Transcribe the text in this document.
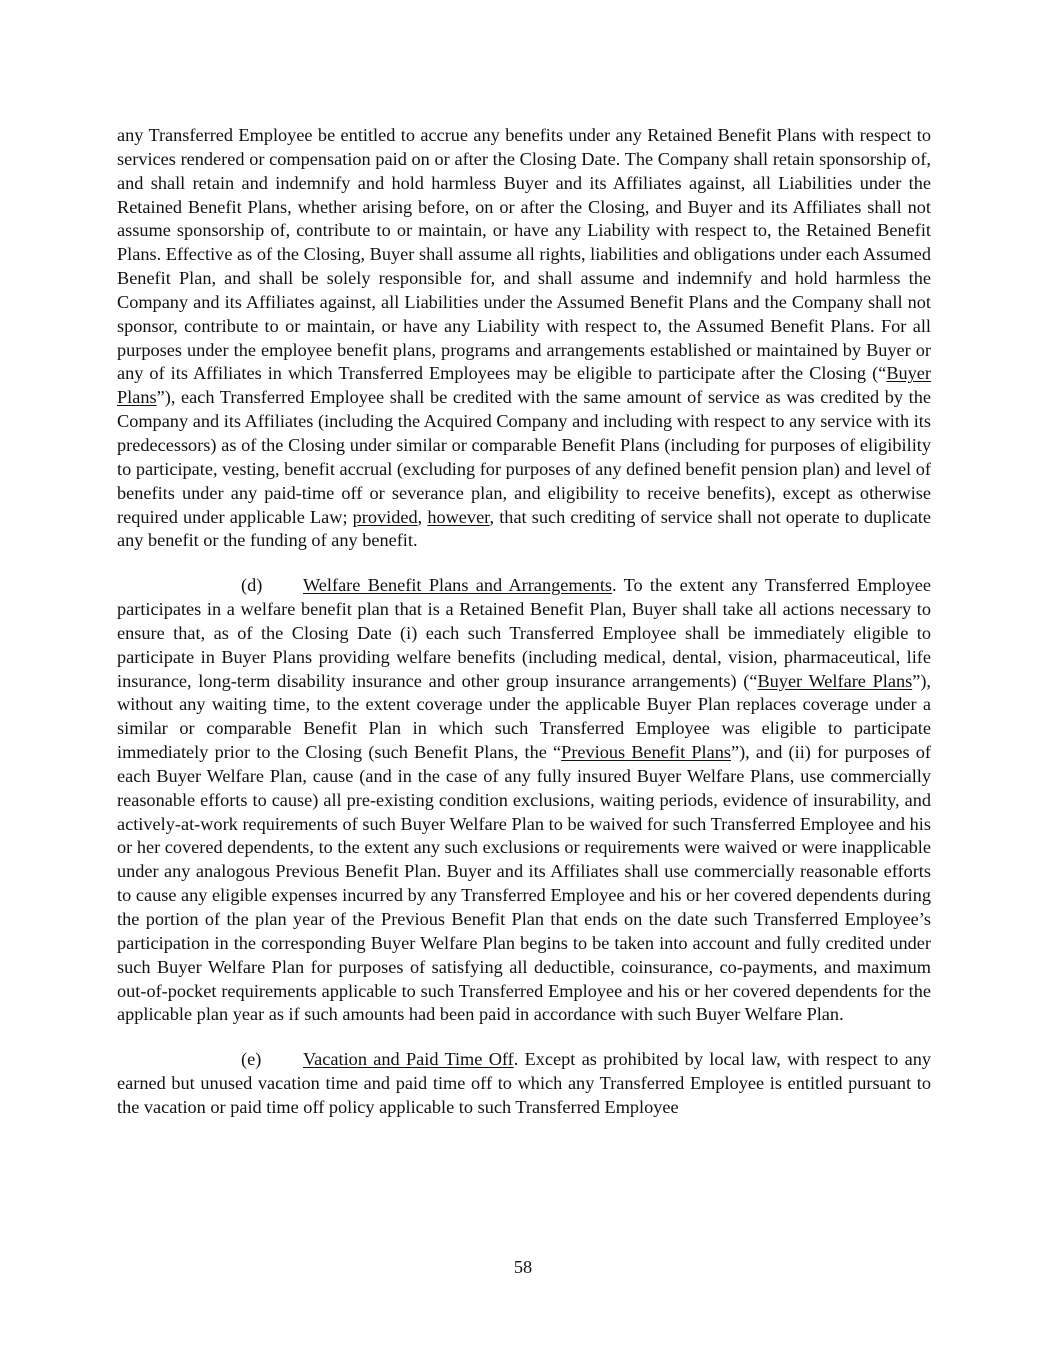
any Transferred Employee be entitled to accrue any benefits under any Retained Benefit Plans with respect to services rendered or compensation paid on or after the Closing Date. The Company shall retain sponsorship of, and shall retain and indemnify and hold harmless Buyer and its Affiliates against, all Liabilities under the Retained Benefit Plans, whether arising before, on or after the Closing, and Buyer and its Affiliates shall not assume sponsorship of, contribute to or maintain, or have any Liability with respect to, the Retained Benefit Plans. Effective as of the Closing, Buyer shall assume all rights, liabilities and obligations under each Assumed Benefit Plan, and shall be solely responsible for, and shall assume and indemnify and hold harmless the Company and its Affiliates against, all Liabilities under the Assumed Benefit Plans and the Company shall not sponsor, contribute to or maintain, or have any Liability with respect to, the Assumed Benefit Plans. For all purposes under the employee benefit plans, programs and arrangements established or maintained by Buyer or any of its Affiliates in which Transferred Employees may be eligible to participate after the Closing (“Buyer Plans”), each Transferred Employee shall be credited with the same amount of service as was credited by the Company and its Affiliates (including the Acquired Company and including with respect to any service with its predecessors) as of the Closing under similar or comparable Benefit Plans (including for purposes of eligibility to participate, vesting, benefit accrual (excluding for purposes of any defined benefit pension plan) and level of benefits under any paid-time off or severance plan, and eligibility to receive benefits), except as otherwise required under applicable Law; provided, however, that such crediting of service shall not operate to duplicate any benefit or the funding of any benefit.

(d) Welfare Benefit Plans and Arrangements. To the extent any Transferred Employee participates in a welfare benefit plan that is a Retained Benefit Plan, Buyer shall take all actions necessary to ensure that, as of the Closing Date (i) each such Transferred Employee shall be immediately eligible to participate in Buyer Plans providing welfare benefits (including medical, dental, vision, pharmaceutical, life insurance, long-term disability insurance and other group insurance arrangements) (“Buyer Welfare Plans”), without any waiting time, to the extent coverage under the applicable Buyer Plan replaces coverage under a similar or comparable Benefit Plan in which such Transferred Employee was eligible to participate immediately prior to the Closing (such Benefit Plans, the “Previous Benefit Plans”), and (ii) for purposes of each Buyer Welfare Plan, cause (and in the case of any fully insured Buyer Welfare Plans, use commercially reasonable efforts to cause) all pre-existing condition exclusions, waiting periods, evidence of insurability, and actively-at-work requirements of such Buyer Welfare Plan to be waived for such Transferred Employee and his or her covered dependents, to the extent any such exclusions or requirements were waived or were inapplicable under any analogous Previous Benefit Plan. Buyer and its Affiliates shall use commercially reasonable efforts to cause any eligible expenses incurred by any Transferred Employee and his or her covered dependents during the portion of the plan year of the Previous Benefit Plan that ends on the date such Transferred Employee’s participation in the corresponding Buyer Welfare Plan begins to be taken into account and fully credited under such Buyer Welfare Plan for purposes of satisfying all deductible, coinsurance, co-payments, and maximum out-of-pocket requirements applicable to such Transferred Employee and his or her covered dependents for the applicable plan year as if such amounts had been paid in accordance with such Buyer Welfare Plan.

(e) Vacation and Paid Time Off. Except as prohibited by local law, with respect to any earned but unused vacation time and paid time off to which any Transferred Employee is entitled pursuant to the vacation or paid time off policy applicable to such Transferred Employee

58
